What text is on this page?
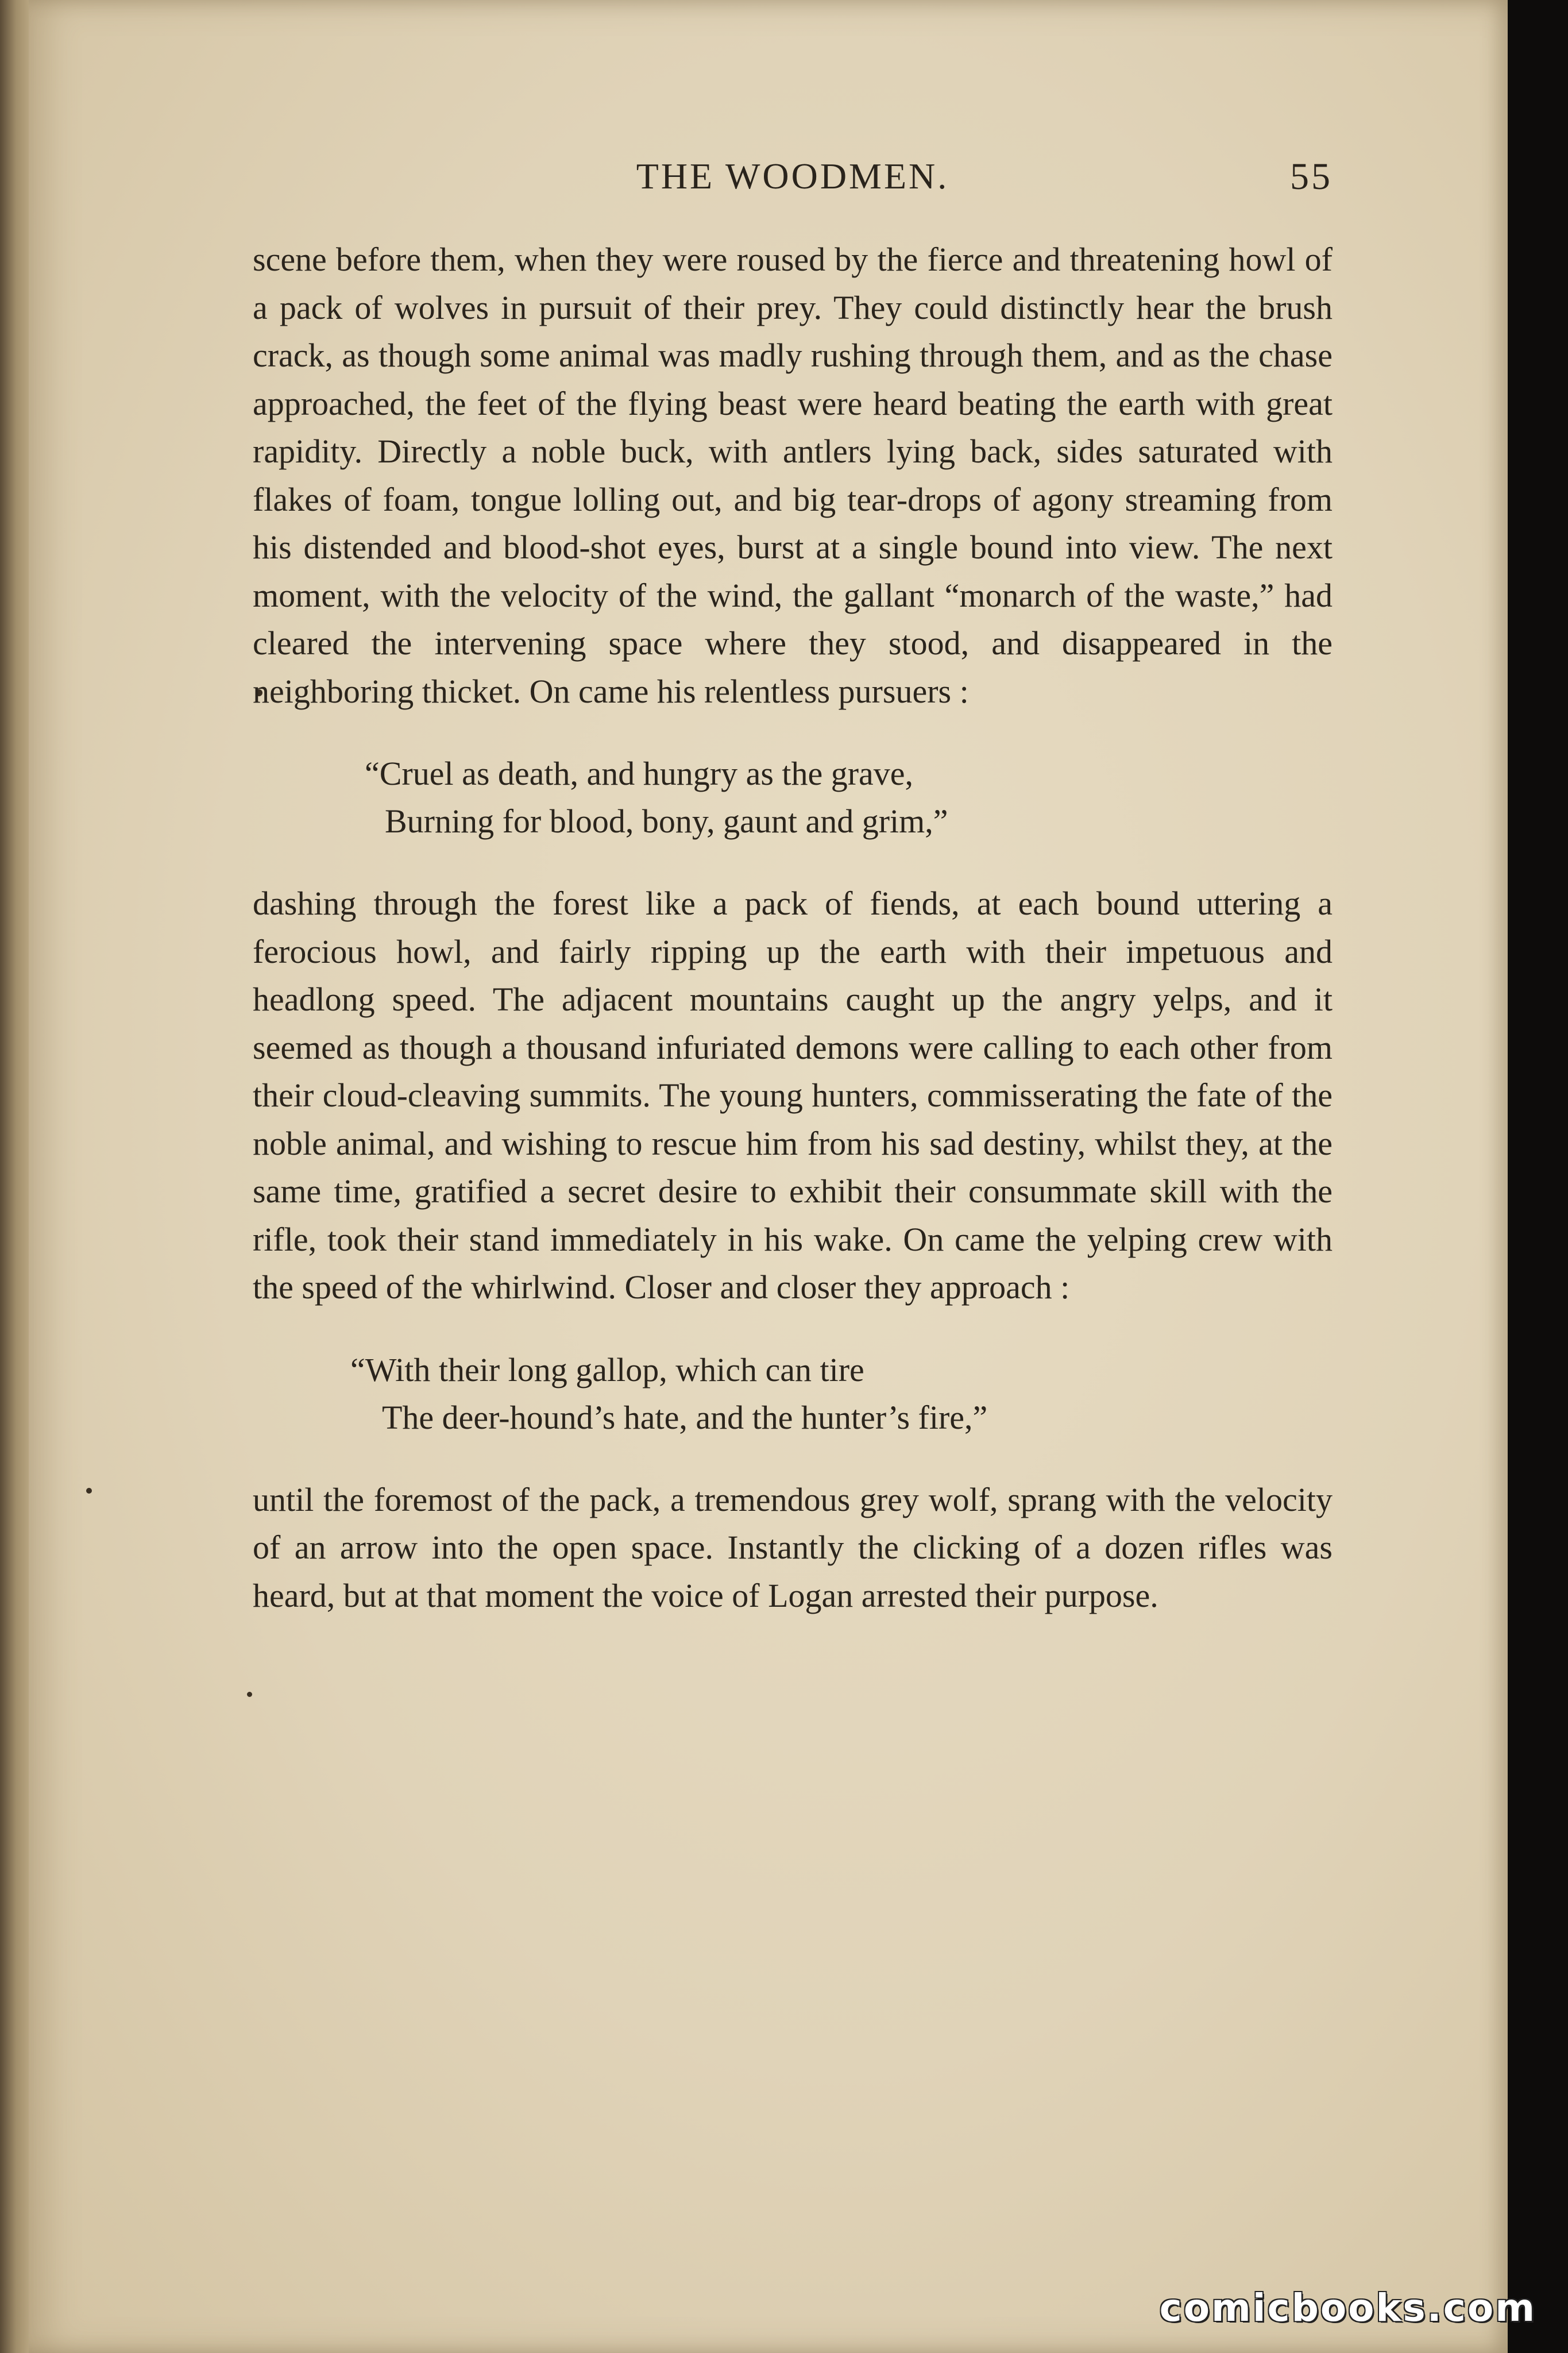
THE WOODMEN.	55

scene before them, when they were roused by the fierce and threatening howl of a pack of wolves in pursuit of their prey. They could distinctly hear the brush crack, as though some animal was madly rushing through them, and as the chase approached, the feet of the flying beast were heard beating the earth with great rapidity. Directly a noble buck, with antlers lying back, sides saturated with flakes of foam, tongue lolling out, and big tear-drops of agony streaming from his distended and blood-shot eyes, burst at a single bound into view. The next moment, with the velocity of the wind, the gallant “monarch of the waste,” had cleared the intervening space where they stood, and disappeared in the neighboring thicket. On came his relentless pursuers :

“Cruel as death, and hungry as the grave,
Burning for blood, bony, gaunt and grim,”

dashing through the forest like a pack of fiends, at each bound uttering a ferocious howl, and fairly ripping up the earth with their impetuous and headlong speed. The adjacent mountains caught up the angry yelps, and it seemed as though a thousand infuriated demons were calling to each other from their cloud-cleaving summits. The young hunters, commisserating the fate of the noble animal, and wishing to rescue him from his sad destiny, whilst they, at the same time, gratified a secret desire to exhibit their consummate skill with the rifle, took their stand immediately in his wake. On came the yelping crew with the speed of the whirlwind. Closer and closer they approach :

“With their long gallop, which can tire
The deer-hound’s hate, and the hunter’s fire,”

until the foremost of the pack, a tremendous grey wolf, sprang with the velocity of an arrow into the open space. Instantly the clicking of a dozen rifles was heard, but at that moment the voice of Logan arrested their purpose.

comicbooks.com
